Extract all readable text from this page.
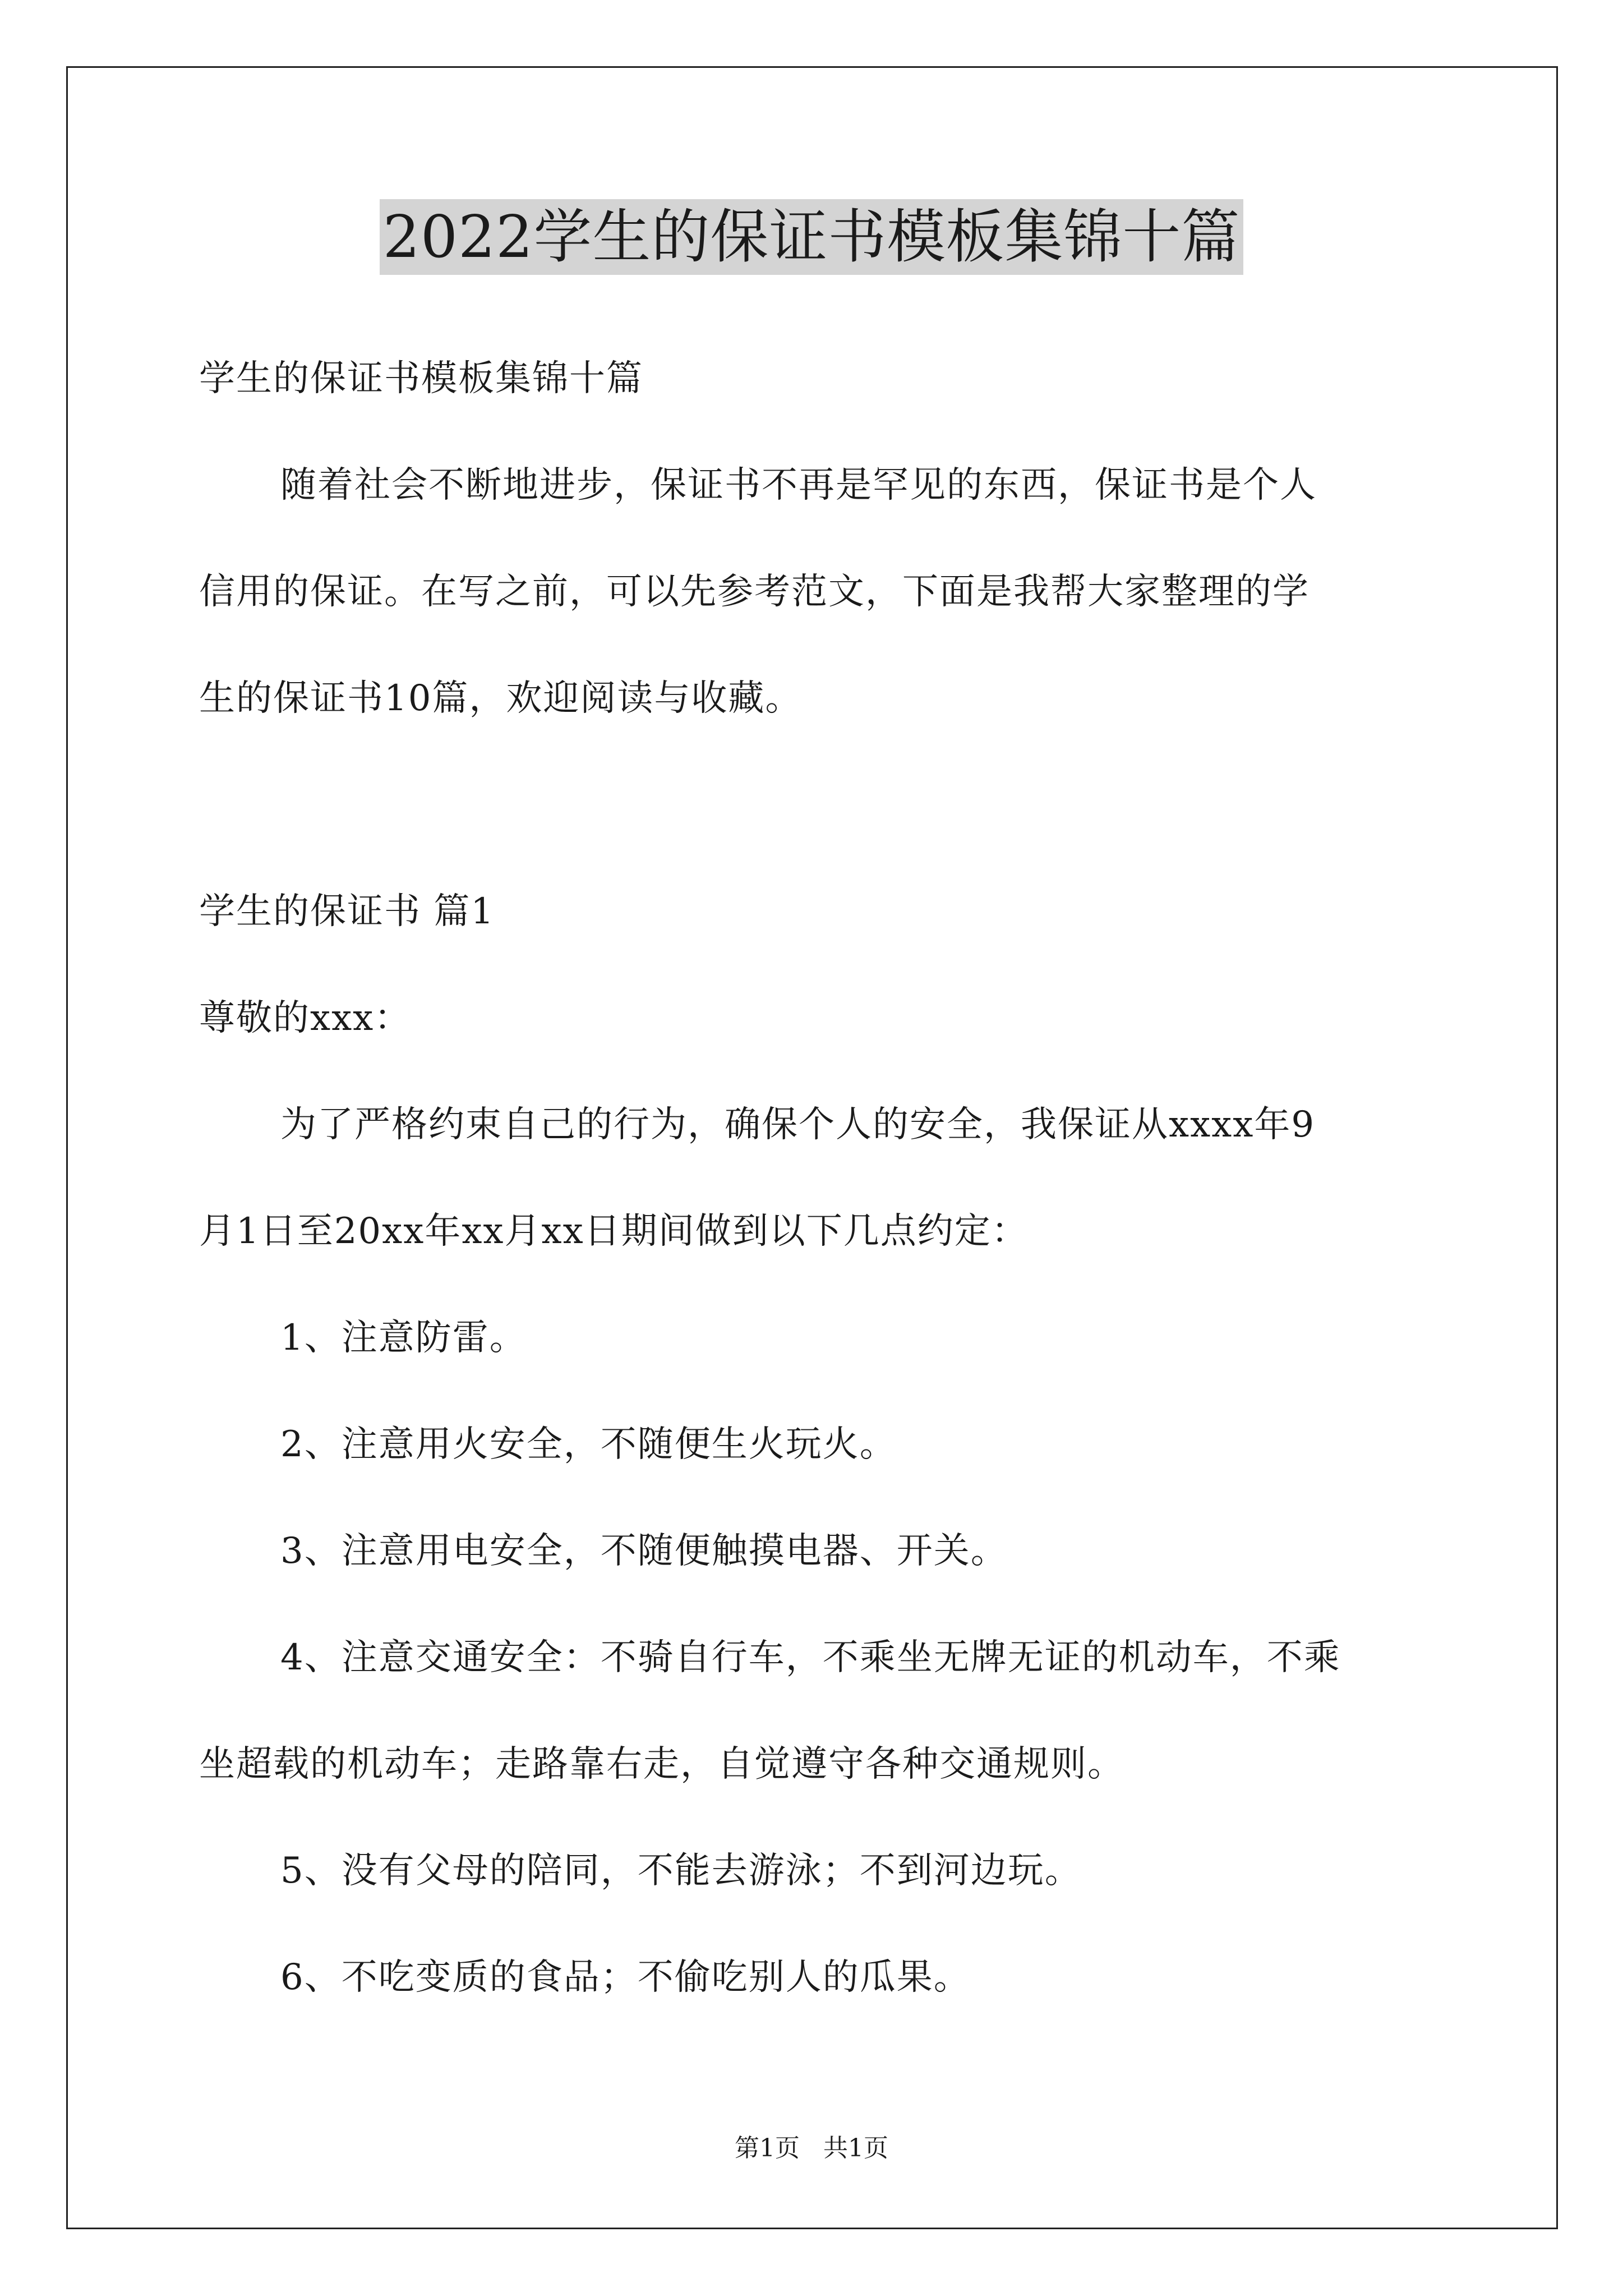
2022学生的保证书模板集锦十篇
学生的保证书模板集锦十篇
随着社会不断地进步，保证书不再是罕见的东西，保证书是个人
信用的保证。在写之前，可以先参考范文，下面是我帮大家整理的学
生的保证书10篇，欢迎阅读与收藏。
学生的保证书 篇1
尊敬的xxx：
为了严格约束自己的行为，确保个人的安全，我保证从xxxx年9
月1日至20xx年xx月xx日期间做到以下几点约定：
1、注意防雷。
2、注意用火安全，不随便生火玩火。
3、注意用电安全，不随便触摸电器、开关。
4、注意交通安全：不骑自行车，不乘坐无牌无证的机动车，不乘
坐超载的机动车；走路靠右走，自觉遵守各种交通规则。
5、没有父母的陪同，不能去游泳；不到河边玩。
6、不吃变质的食品；不偷吃别人的瓜果。
第1页 共1页
